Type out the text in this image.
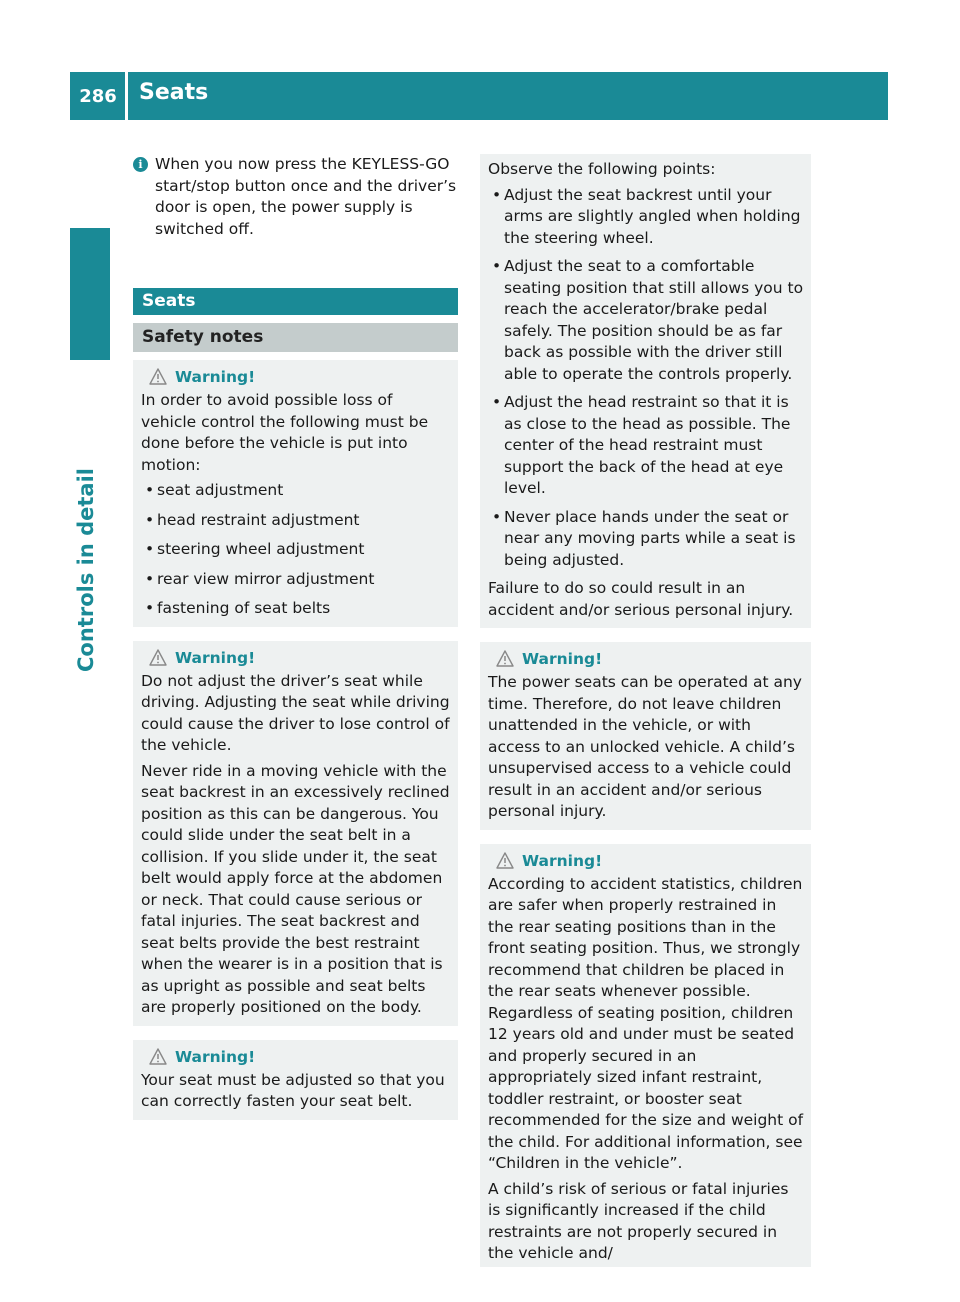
286	Seats
Controls in detail
i When you now press the KEYLESS-GO start/stop button once and the driver’s door is open, the power supply is switched off.
Seats
Safety notes
Warning!

In order to avoid possible loss of vehicle control the following must be done before the vehicle is put into motion:

• seat adjustment
• head restraint adjustment
• steering wheel adjustment
• rear view mirror adjustment
• fastening of seat belts
Warning!

Do not adjust the driver’s seat while driving. Adjusting the seat while driving could cause the driver to lose control of the vehicle.

Never ride in a moving vehicle with the seat backrest in an excessively reclined position as this can be dangerous. You could slide under the seat belt in a collision. If you slide under it, the seat belt would apply force at the abdomen or neck. That could cause serious or fatal injuries. The seat backrest and seat belts provide the best restraint when the wearer is in a position that is as upright as possible and seat belts are properly positioned on the body.

Warning!

Your seat must be adjusted so that you can correctly fasten your seat belt.

Observe the following points:

• Adjust the seat backrest until your arms are slightly angled when holding the steering wheel.
• Adjust the seat to a comfortable seating position that still allows you to reach the accelerator/brake pedal safely. The position should be as far back as possible with the driver still able to operate the controls properly.
• Adjust the head restraint so that it is as close to the head as possible. The center of the head restraint must support the back of the head at eye level.
• Never place hands under the seat or near any moving parts while a seat is being adjusted.

Failure to do so could result in an accident and/or serious personal injury.

Warning!

The power seats can be operated at any time. Therefore, do not leave children unattended in the vehicle, or with access to an unlocked vehicle. A child’s unsupervised access to a vehicle could result in an accident and/or serious personal injury.

Warning!

According to accident statistics, children are safer when properly restrained in the rear seating positions than in the front seating position. Thus, we strongly recommend that children be placed in the rear seats whenever possible. Regardless of seating position, children 12 years old and under must be seated and properly secured in an appropriately sized infant restraint, toddler restraint, or booster seat recommended for the size and weight of the child. For additional information, see “Children in the vehicle”.

A child’s risk of serious or fatal injuries is significantly increased if the child restraints are not properly secured in the vehicle and/
